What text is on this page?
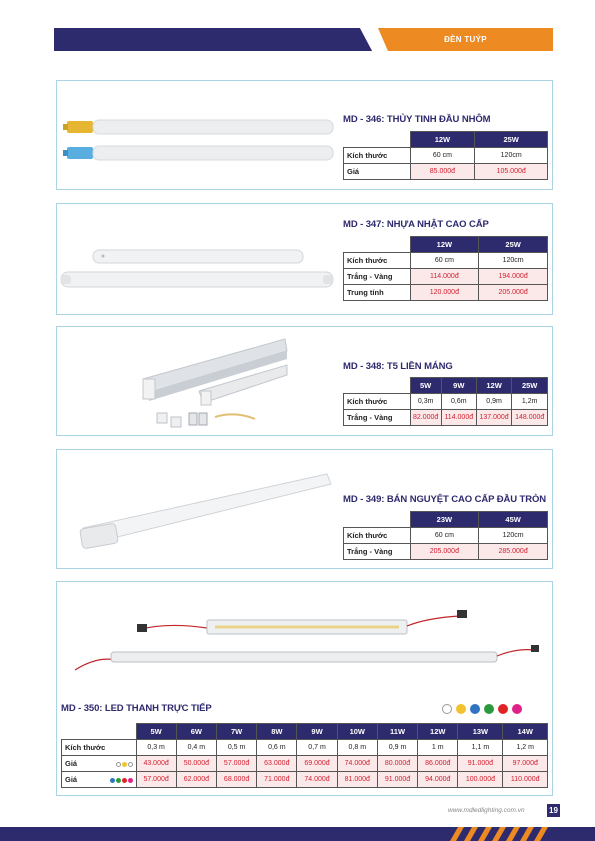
ĐÈN TUÝP
MD - 346: THỦY TINH ĐẦU NHÔM
	12W	25W
Kích thước	60 cm	120cm
Giá	85.000đ	105.000đ
MD - 347: NHỰA NHẬT CAO CẤP
	12W	25W
Kích thước	60 cm	120cm
Trắng - Vàng	114.000đ	194.000đ
Trung tính	120.000đ	205.000đ
MD - 348: T5 LIỀN MÁNG
	5W	9W	12W	25W
Kích thước	0,3m	0,6m	0,9m	1,2m
Trắng - Vàng	82.000đ	114.000đ	137.000đ	148.000đ
MD - 349: BÁN NGUYỆT CAO CẤP ĐẦU TRÒN
	23W	45W
Kích thước	60 cm	120cm
Trắng - Vàng	205.000đ	285.000đ
MD - 350: LED THANH TRỰC TIẾP
	5W	6W	7W	8W	9W	10W	11W	12W	13W	14W
Kích thước	0,3 m	0,4 m	0,5 m	0,6 m	0,7 m	0,8 m	0,9 m	1 m	1,1 m	1,2 m
Giá	43.000đ	50.000đ	57.000đ	63.000đ	69.000đ	74.000đ	80.000đ	86.000đ	91.000đ	97.000đ
Giá	57.000đ	62.000đ	68.000đ	71.000đ	74.000đ	81.000đ	91.000đ	94.000đ	100.000đ	110.000đ
www.mdledlighting.com.vn	19
